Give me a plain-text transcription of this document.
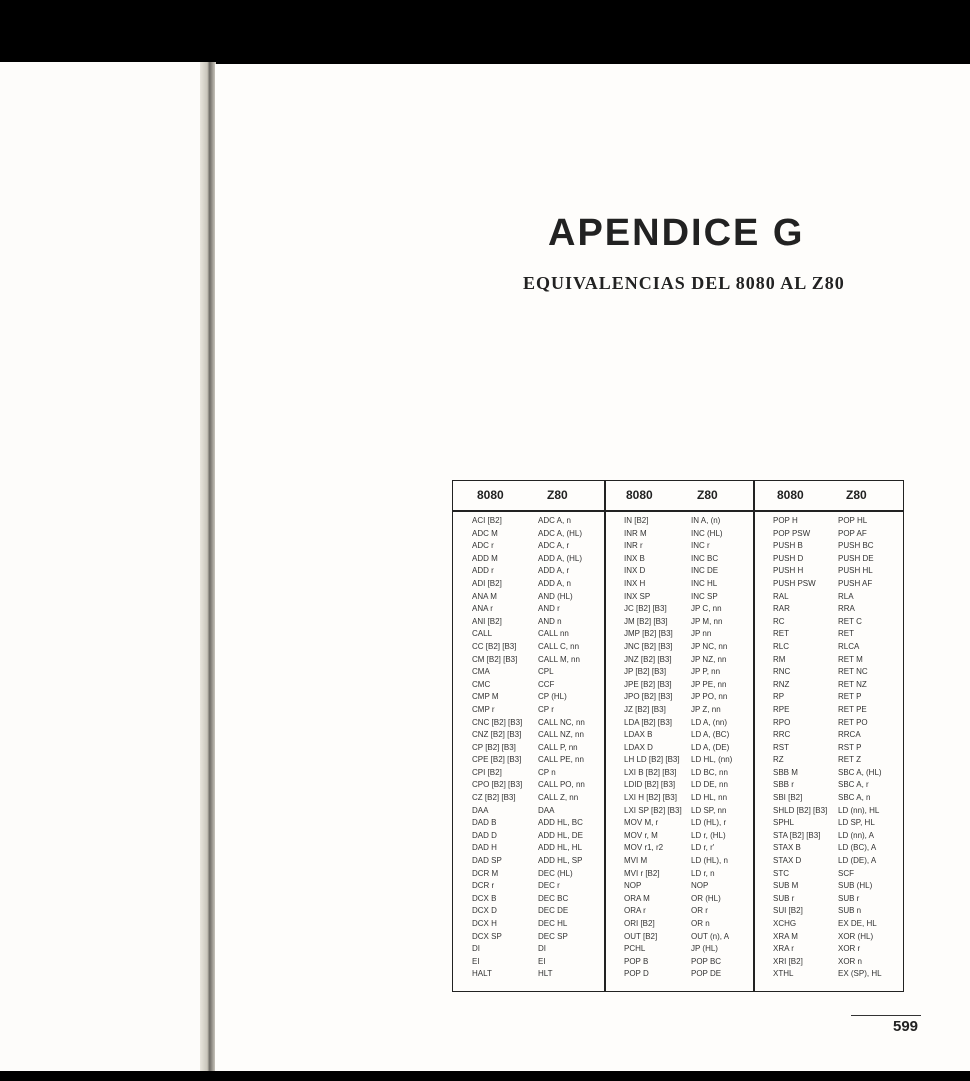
APENDICE G
EQUIVALENCIAS DEL 8080 AL Z80
8080	Z80
ACI [B2]	ADC A, n
ADC M	ADC A, (HL)
ADC r	ADC A, r
ADD M	ADD A, (HL)
ADD r	ADD A, r
ADI [B2]	ADD A, n
ANA M	AND (HL)
ANA r	AND r
ANI [B2]	AND n
CALL	CALL nn
CC [B2] [B3]	CALL C, nn
CM [B2] [B3]	CALL M, nn
CMA	CPL
CMC	CCF
CMP M	CP (HL)
CMP r	CP r
CNC [B2] [B3] CALL NC, nn
CNZ [B2] [B3] CALL NZ, nn
CP [B2] [B3]	CALL P, nn
CPE [B2] [B3] CALL PE, nn
CPI [B2]	CP n
CPO [B2] [B3] CALL PO, nn
CZ [B2] [B3]	CALL Z, nn
DAA	DAA
DAD B	ADD HL, BC
DAD D	ADD HL, DE
DAD H	ADD HL, HL
DAD SP	ADD HL, SP
DCR M	DEC (HL)
DCR r	DEC r
DCX B	DEC BC
DCX D	DEC DE
DCX H	DEC HL
DCX SP	DEC SP
DI	DI
EI	EI
HALT	HLT
8080	Z80
IN [B2]	IN A, (n)
INR M	INC (HL)
INR r	INC r
INX B	INC BC
INX D	INC DE
INX H	INC HL
INX SP	INC SP
JC [B2] [B3]	JP C, nn
JM [B2] [B3]	JP M, nn
JMP [B2] [B3] JP nn
JNC [B2] [B3] JP NC, nn
JNZ [B2] [B3] JP NZ, nn
JP [B2] [B3]	JP P, nn
JPE [B2] [B3] JP PE, nn
JPO [B2] [B3] JP PO, nn
JZ [B2] [B3]	JP Z, nn
LDA [B2] [B3] LD A, (nn)
LDAX B	LD A, (BC)
LDAX D	LD A, (DE)
LH LD [B2] [B3] LD HL, (nn)
LXI B [B2] [B3] LD BC, nn
LDID [B2] [B3] LD DE, nn
LXI H [B2] [B3] LD HL, nn
LXI SP [B2] [B3] LD SP, nn
MOV M, r	LD (HL), r
MOV r, M	LD r, (HL)
MOV r1, r2	LD r, r'
MVI M	LD (HL), n
MVI r [B2]	LD r, n
NOP	NOP
ORA M	OR (HL)
ORA r	OR r
ORI [B2]	OR n
OUT [B2]	OUT (n), A
PCHL	JP (HL)
POP B	POP BC
POP D	POP DE
8080	Z80
POP H	POP HL
POP PSW	POP AF
PUSH B	PUSH BC
PUSH D	PUSH DE
PUSH H	PUSH HL
PUSH PSW	PUSH AF
RAL	RLA
RAR	RRA
RC	RET C
RET	RET
RLC	RLCA
RM	RET M
RNC	RET NC
RNZ	RET NZ
RP	RET P
RPE	RET PE
RPO	RET PO
RRC	RRCA
RST	RST P
RZ	RET Z
SBB M	SBC A, (HL)
SBB r	SBC A, r
SBI [B2]	SBC A, n
SHLD [B2] [B3] LD (nn), HL
SPHL	LD SP, HL
STA [B2] [B3] LD (nn), A
STAX B	LD (BC), A
STAX D	LD (DE), A
STC	SCF
SUB M	SUB (HL)
SUB r	SUB r
SUI [B2]	SUB n
XCHG	EX DE, HL
XRA M	XOR (HL)
XRA r	XOR r
XRI [B2]	XOR n
XTHL	EX (SP), HL
599
